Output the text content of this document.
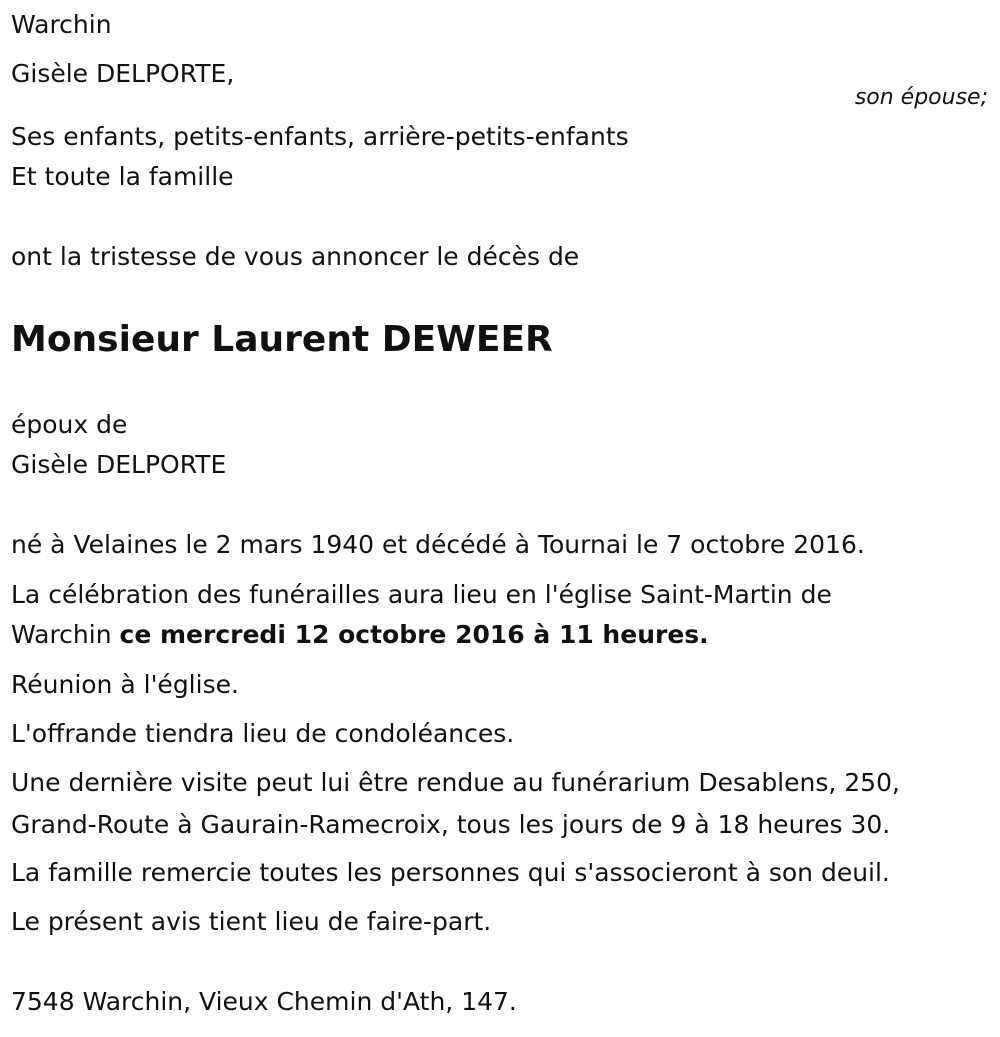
Warchin
Gisèle DELPORTE,
son épouse;
Ses enfants, petits-enfants, arrière-petits-enfants
Et toute la famille
ont la tristesse de vous annoncer le décès de
Monsieur Laurent DEWEER
époux de
Gisèle DELPORTE
né à Velaines le 2 mars 1940 et décédé à Tournai le 7 octobre 2016.
La célébration des funérailles aura lieu en l'église Saint-Martin de
Warchin ce mercredi 12 octobre 2016 à 11 heures.
Réunion à l'église.
L'offrande tiendra lieu de condoléances.
Une dernière visite peut lui être rendue au funérarium Desablens, 250,
Grand-Route à Gaurain-Ramecroix, tous les jours de 9 à 18 heures 30.
La famille remercie toutes les personnes qui s'associeront à son deuil.
Le présent avis tient lieu de faire-part.
7548 Warchin, Vieux Chemin d'Ath, 147.
